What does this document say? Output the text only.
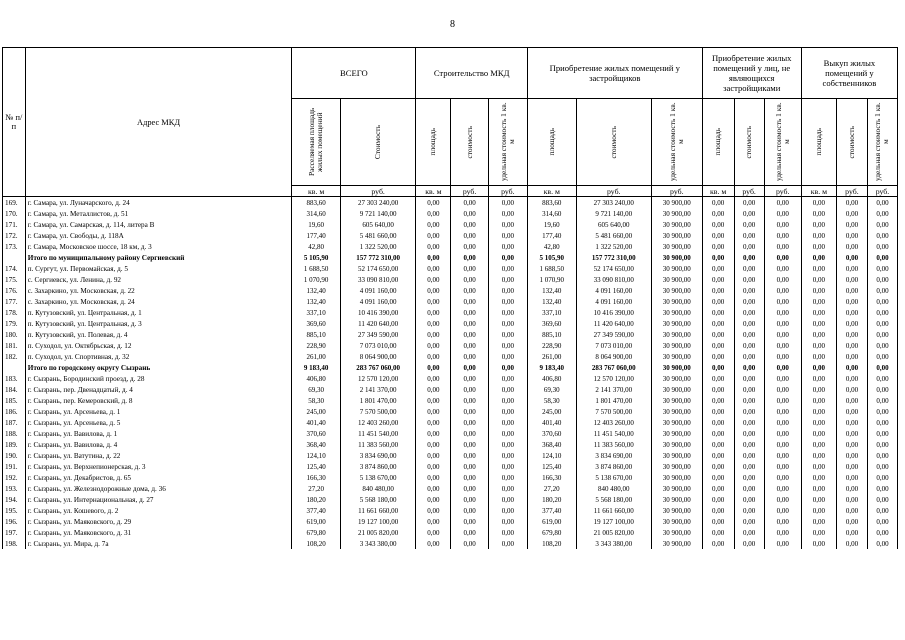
8
№ п/п	Адрес МКД	ВСЕГО		Строительство МКД			Приобретение жилых помещений у застройщиков			Приобретение жилых помещений у лиц, не являющихся застройщиками			Выкуп жилых помещений у собственников		

		Расселяемая площадь жилых помещений	Стоимость	площадь	стоимость	удельная стоимость 1 кв. м	площадь	стоимость	удельная стоимость 1 кв. м	площадь	стоимость	удельная стоимость 1 кв. м	площадь	стоимость	удельная стоимость 1 кв. м

		кв. м	руб.	кв. м	руб.	руб.	кв. м	руб.	руб.	кв. м	руб.	руб.	кв. м	руб.	руб.
169.	г. Самара, ул. Луначарского, д. 24	883,60	27 303 240,00	0,00	0,00	0,00	883,60	27 303 240,00	30 900,00	0,00	0,00	0,00	0,00	0,00	0,00
170.	г. Самара, ул. Металлистов, д. 51	314,60	9 721 140,00	0,00	0,00	0,00	314,60	9 721 140,00	30 900,00	0,00	0,00	0,00	0,00	0,00	0,00
171.	г. Самара, ул. Самарская, д. 114, литера В	19,60	605 640,00	0,00	0,00	0,00	19,60	605 640,00	30 900,00	0,00	0,00	0,00	0,00	0,00	0,00
172.	г. Самара, ул. Свободы, д. 118А	177,40	5 481 660,00	0,00	0,00	0,00	177,40	5 481 660,00	30 900,00	0,00	0,00	0,00	0,00	0,00	0,00
173.	г. Самара, Московское шоссе, 18 км, д. 3	42,80	1 322 520,00	0,00	0,00	0,00	42,80	1 322 520,00	30 900,00	0,00	0,00	0,00	0,00	0,00	0,00
	Итого по муниципальному району Сергиевский	5 105,90	157 772 310,00	0,00	0,00	0,00	5 105,90	157 772 310,00	30 900,00	0,00	0,00	0,00	0,00	0,00	0,00
174.	п. Сургут, ул. Первомайская, д. 5	1 688,50	52 174 650,00	0,00	0,00	0,00	1 688,50	52 174 650,00	30 900,00	0,00	0,00	0,00	0,00	0,00	0,00
175.	с. Сергиевск, ул. Ленина, д. 92	1 070,90	33 090 810,00	0,00	0,00	0,00	1 070,90	33 090 810,00	30 900,00	0,00	0,00	0,00	0,00	0,00	0,00
176.	с. Захаркино, ул. Московская, д. 22	132,40	4 091 160,00	0,00	0,00	0,00	132,40	4 091 160,00	30 900,00	0,00	0,00	0,00	0,00	0,00	0,00
177.	с. Захаркино, ул. Московская, д. 24	132,40	4 091 160,00	0,00	0,00	0,00	132,40	4 091 160,00	30 900,00	0,00	0,00	0,00	0,00	0,00	0,00
178.	п. Кутузовский, ул. Центральная, д. 1	337,10	10 416 390,00	0,00	0,00	0,00	337,10	10 416 390,00	30 900,00	0,00	0,00	0,00	0,00	0,00	0,00
179.	п. Кутузовский, ул. Центральная, д. 3	369,60	11 420 640,00	0,00	0,00	0,00	369,60	11 420 640,00	30 900,00	0,00	0,00	0,00	0,00	0,00	0,00
180.	п. Кутузовский, ул. Полевая, д. 4	885,10	27 349 590,00	0,00	0,00	0,00	885,10	27 349 590,00	30 900,00	0,00	0,00	0,00	0,00	0,00	0,00
181.	п. Суходол, ул. Октябрьская, д. 12	228,90	7 073 010,00	0,00	0,00	0,00	228,90	7 073 010,00	30 900,00	0,00	0,00	0,00	0,00	0,00	0,00
182.	п. Суходол, ул. Спортивная, д. 32	261,00	8 064 900,00	0,00	0,00	0,00	261,00	8 064 900,00	30 900,00	0,00	0,00	0,00	0,00	0,00	0,00
	Итого по городскому округу Сызрань	9 183,40	283 767 060,00	0,00	0,00	0,00	9 183,40	283 767 060,00	30 900,00	0,00	0,00	0,00	0,00	0,00	0,00
183.	г. Сызрань, Бородинский проезд, д. 28	406,80	12 570 120,00	0,00	0,00	0,00	406,80	12 570 120,00	30 900,00	0,00	0,00	0,00	0,00	0,00	0,00
184.	г. Сызрань, пер. Двенадцатый, д. 4	69,30	2 141 370,00	0,00	0,00	0,00	69,30	2 141 370,00	30 900,00	0,00	0,00	0,00	0,00	0,00	0,00
185.	г. Сызрань, пер. Кемеровский, д. 8	58,30	1 801 470,00	0,00	0,00	0,00	58,30	1 801 470,00	30 900,00	0,00	0,00	0,00	0,00	0,00	0,00
186.	г. Сызрань, ул. Арсеньева, д. 1	245,00	7 570 500,00	0,00	0,00	0,00	245,00	7 570 500,00	30 900,00	0,00	0,00	0,00	0,00	0,00	0,00
187.	г. Сызрань, ул. Арсеньева, д. 5	401,40	12 403 260,00	0,00	0,00	0,00	401,40	12 403 260,00	30 900,00	0,00	0,00	0,00	0,00	0,00	0,00
188.	г. Сызрань, ул. Вавилова, д. 1	370,60	11 451 540,00	0,00	0,00	0,00	370,60	11 451 540,00	30 900,00	0,00	0,00	0,00	0,00	0,00	0,00
189.	г. Сызрань, ул. Вавилова, д. 4	368,40	11 383 560,00	0,00	0,00	0,00	368,40	11 383 560,00	30 900,00	0,00	0,00	0,00	0,00	0,00	0,00
190.	г. Сызрань, ул. Ватутина, д. 22	124,10	3 834 690,00	0,00	0,00	0,00	124,10	3 834 690,00	30 900,00	0,00	0,00	0,00	0,00	0,00	0,00
191.	г. Сызрань, ул. Верхнепионерская, д. 3	125,40	3 874 860,00	0,00	0,00	0,00	125,40	3 874 860,00	30 900,00	0,00	0,00	0,00	0,00	0,00	0,00
192.	г. Сызрань, ул. Декабристов, д. 65	166,30	5 138 670,00	0,00	0,00	0,00	166,30	5 138 670,00	30 900,00	0,00	0,00	0,00	0,00	0,00	0,00
193.	г. Сызрань, ул. Железнодорожные дома, д. 36	27,20	840 480,00	0,00	0,00	0,00	27,20	840 480,00	30 900,00	0,00	0,00	0,00	0,00	0,00	0,00
194.	г. Сызрань, ул. Интернациональная, д. 27	180,20	5 568 180,00	0,00	0,00	0,00	180,20	5 568 180,00	30 900,00	0,00	0,00	0,00	0,00	0,00	0,00
195.	г. Сызрань, ул. Кошевого, д. 2	377,40	11 661 660,00	0,00	0,00	0,00	377,40	11 661 660,00	30 900,00	0,00	0,00	0,00	0,00	0,00	0,00
196.	г. Сызрань, ул. Маяковского, д. 29	619,00	19 127 100,00	0,00	0,00	0,00	619,00	19 127 100,00	30 900,00	0,00	0,00	0,00	0,00	0,00	0,00
197.	г. Сызрань, ул. Маяковского, д. 31	679,80	21 005 820,00	0,00	0,00	0,00	679,80	21 005 820,00	30 900,00	0,00	0,00	0,00	0,00	0,00	0,00
198.	г. Сызрань, ул. Мира, д. 7а	108,20	3 343 380,00	0,00	0,00	0,00	108,20	3 343 380,00	30 900,00	0,00	0,00	0,00	0,00	0,00	0,00
